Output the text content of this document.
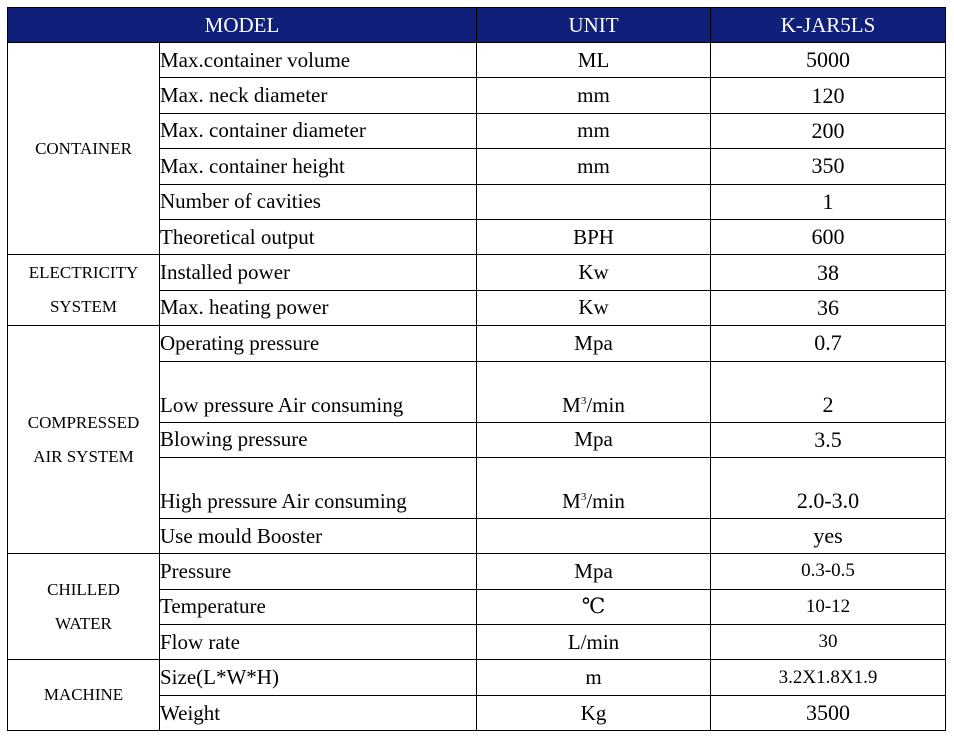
MODEL		UNIT	K-JAR5LS
CONTAINER	Max.container volume	ML	5000
	Max. neck diameter	mm	120
	Max. container diameter	mm	200
	Max. container height	mm	350
	Number of cavities		1
	Theoretical output	BPH	600

ELECTRICITY
SYSTEM	Installed power	Kw	38
	Max. heating power	Kw	36

COMPRESSED
AIR SYSTEM	Operating pressure	Mpa	0.7
	Low pressure Air consuming	$M^3/\min$	2
	Blowing pressure	Mpa	3.5
	High pressure Air consuming	$M^3/\min$	2.0-3.0
	Use mould Booster		yes

CHILLED
WATER	Pressure	Mpa	0.3-0.5
	Temperature	℃	10-12
	Flow rate	L/min	30
MACHINE	Size(L*W*H)	m	3.2X1.8X1.9
	Weight	Kg	3500
